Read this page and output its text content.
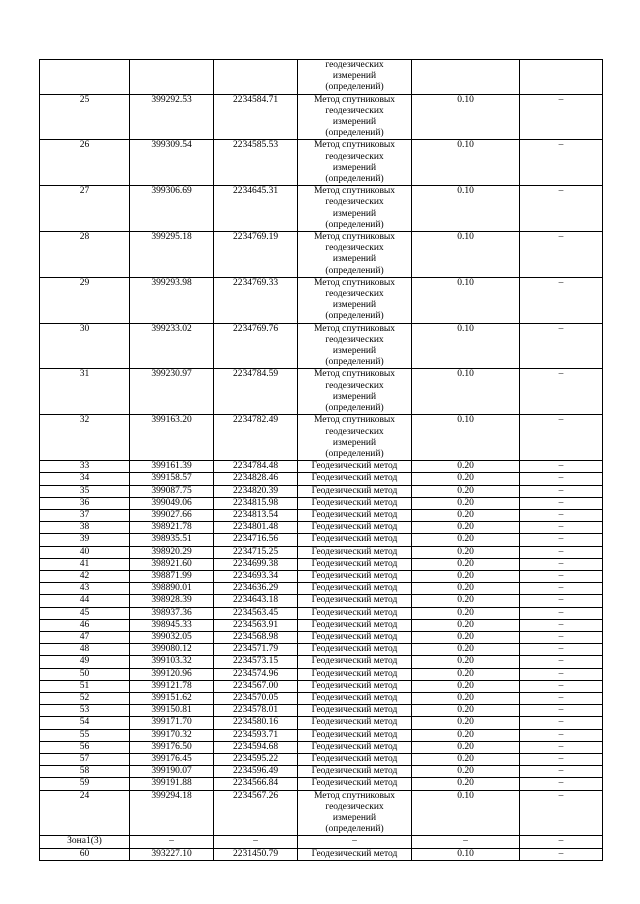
			геодезических
измерений
(определений)		

25	399292.53	2234584.71	Метод спутниковых
геодезических
измерений
(определений)	0.10	–
26	399309.54	2234585.53	Метод спутниковых
геодезических
измерений
(определений)	0.10	–
27	399306.69	2234645.31	Метод спутниковых
геодезических
измерений
(определений)	0.10	–
28	399295.18	2234769.19	Метод спутниковых
геодезических
измерений
(определений)	0.10	–
29	399293.98	2234769.33	Метод спутниковых
геодезических
измерений
(определений)	0.10	–
30	399233.02	2234769.76	Метод спутниковых
геодезических
измерений
(определений)	0.10	–
31	399230.97	2234784.59	Метод спутниковых
геодезических
измерений
(определений)	0.10	–
32	399163.20	2234782.49	Метод спутниковых
геодезических
измерений
(определений)	0.10	–
33	399161.39	2234784.48	Геодезический метод	0.20	–
34	399158.57	2234828.46	Геодезический метод	0.20	–
35	399087.75	2234820.39	Геодезический метод	0.20	–
36	399049.06	2234815.98	Геодезический метод	0.20	–
37	399027.66	2234813.54	Геодезический метод	0.20	–
38	398921.78	2234801.48	Геодезический метод	0.20	–
39	398935.51	2234716.56	Геодезический метод	0.20	–
40	398920.29	2234715.25	Геодезический метод	0.20	–
41	398921.60	2234699.38	Геодезический метод	0.20	–
42	398871.99	2234693.34	Геодезический метод	0.20	–
43	398890.01	2234636.29	Геодезический метод	0.20	–
44	398928.39	2234643.18	Геодезический метод	0.20	–
45	398937.36	2234563.45	Геодезический метод	0.20	–
46	398945.33	2234563.91	Геодезический метод	0.20	–
47	399032.05	2234568.98	Геодезический метод	0.20	–
48	399080.12	2234571.79	Геодезический метод	0.20	–
49	399103.32	2234573.15	Геодезический метод	0.20	–
50	399120.96	2234574.96	Геодезический метод	0.20	–
51	399121.78	2234567.00	Геодезический метод	0.20	–
52	399151.62	2234570.05	Геодезический метод	0.20	–
53	399150.81	2234578.01	Геодезический метод	0.20	–
54	399171.70	2234580.16	Геодезический метод	0.20	–
55	399170.32	2234593.71	Геодезический метод	0.20	–
56	399176.50	2234594.68	Геодезический метод	0.20	–
57	399176.45	2234595.22	Геодезический метод	0.20	–
58	399190.07	2234596.49	Геодезический метод	0.20	–
59	399191.88	2234566.84	Геодезический метод	0.20	–
24	399294.18	2234567.26	Метод спутниковых
геодезических
измерений
(определений)	0.10	–
Зона1(3)	–	–	–	–	–
60	393227.10	2231450.79	Геодезический метод	0.10	–
